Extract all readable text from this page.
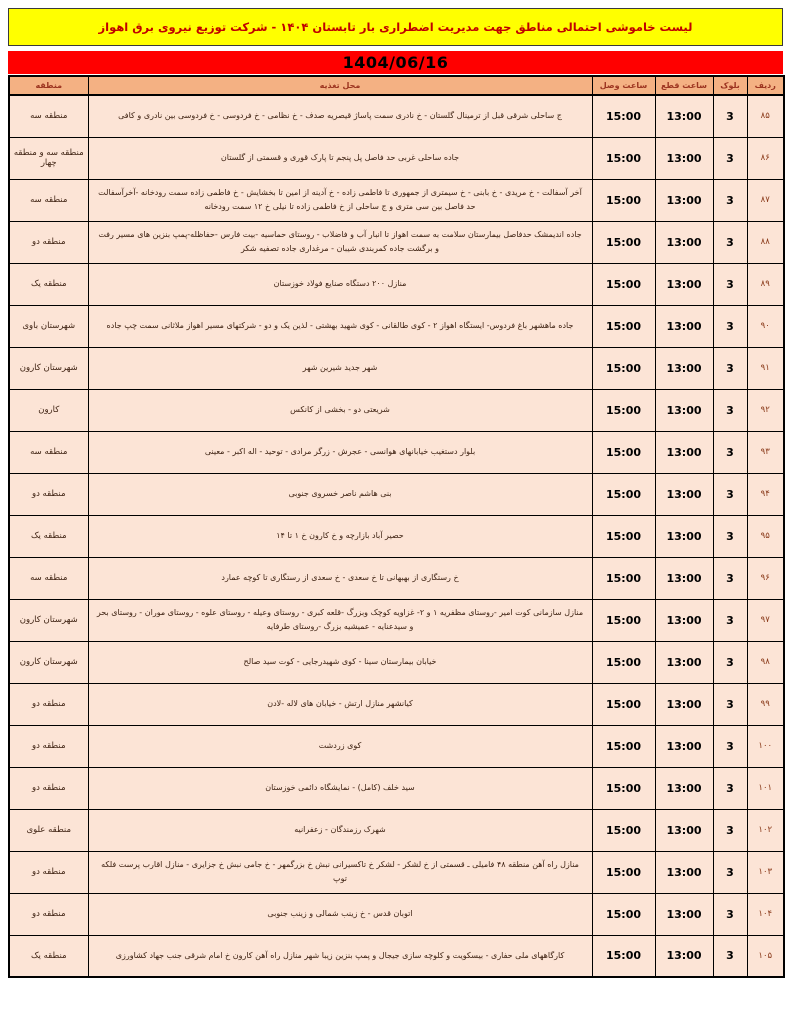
لیست خاموشی احتمالی مناطق جهت مدیریت اضطراری بار تابستان ۱۴۰۴ - شرکت توزیع نیروی برق اهواز
1404/06/16
ردیف	بلوک	ساعت قطع	ساعت وصل	محل تغذیه	منطقه
۸۵	3	13:00	15:00	ج ساحلی شرقی قبل از ترمینال گلستان - خ نادری سمت پاساژ قیصریه صدف - خ نظامی - خ فردوسی - خ فردوسی بین نادری و کافی	منطقه سه
۸۶	3	13:00	15:00	جاده ساحلی غربی حد فاصل پل پنجم تا پارک قوری و قسمتی از گلستان	منطقه سه و منطقه چهار
۸۷	3	13:00	15:00	آخر آسفالت - خ مریدی - خ بابنی - خ سیمتری از جمهوری تا فاطمی زاده - خ آدینه از امین تا بخشایش - خ فاطمی زاده سمت رودخانه -آخرآسفالت حد فاصل بین سی متری و ج ساحلی از خ فاطمی زاده تا نیلی خ ۱۲ سمت رودخانه	منطقه سه
۸۸	3	13:00	15:00	جاده اندیمشک حدفاصل بیمارستان سلامت به سمت اهواز تا انبار آب و فاضلاب - روستای حماسیه -بیت فارس -حفاظله-پمپ بنزین های مسیر رفت و برگشت جاده کمربندی شیبان - مرغداری جاده تصفیه شکر	منطقه دو
۸۹	3	13:00	15:00	منازل ۲۰۰ دستگاه صنایع فولاد خوزستان	منطقه یک
۹۰	3	13:00	15:00	جاده ماهشهر باغ فردوس- ایستگاه اهواز ۲ - کوی طالقانی - کوی شهید بهشتی - لذین یک و دو - شرکتهای مسیر اهواز ملاثانی سمت چپ جاده	شهرستان باوی
۹۱	3	13:00	15:00	شهر جدید شیرین شهر	شهرستان کارون
۹۲	3	13:00	15:00	شریعتی دو - بخشی از کانکس	کارون
۹۳	3	13:00	15:00	بلوار دستغیب خیابانهای هوانسی - عجرش - زرگر مرادی - توحید - اله اکبر - معینی	منطقه سه
۹۴	3	13:00	15:00	بنی هاشم ناصر خسروی جنوبی	منطقه دو
۹۵	3	13:00	15:00	حصیر آباد بازارچه و خ کارون خ ۱ تا ۱۴	منطقه یک
۹۶	3	13:00	15:00	خ رستگاری از بهبهانی تا خ سعدی - خ سعدی از رستگاری تا کوچه عمارد	منطقه سه
۹۷	3	13:00	15:00	منازل سازمانی کوت امیر -روستای مظفریه ۱ و ۲- غزاویه کوچک وبزرگ -قلعه کبری - روستای وعیله - روستای علوه - روستای موران - روستای بحر و سیدعنایه - عمیشیه بزرگ -روستای طرفایه	شهرستان کارون
۹۸	3	13:00	15:00	خیابان بیمارستان سینا - کوی شهیدرجایی - کوت سید صالح	شهرستان کارون
۹۹	3	13:00	15:00	کیانشهر منازل ارتش - خیابان های لاله -لادن	منطقه دو
۱۰۰	3	13:00	15:00	کوی زردشت	منطقه دو
۱۰۱	3	13:00	15:00	سید خلف (کامل) - نمایشگاه دائمی خوزستان	منطقه دو
۱۰۲	3	13:00	15:00	شهرک رزمندگان - زعفرانیه	منطقه علوی
۱۰۳	3	13:00	15:00	منازل راه آهن منطقه ۴۸ فامیلی ـ قسمتی از خ لشکر - لشکر خ تاکسیرانی نبش خ بزرگمهر - خ جامی نبش خ جزایری - منازل اقارب پرست فلکه توپ	منطقه دو
۱۰۴	3	13:00	15:00	اتوبان قدس - خ زینب شمالی و زینب جنوبی	منطقه دو
۱۰۵	3	13:00	15:00	کارگاههای ملی حفاری - بیسکویت و کلوچه سازی جیجال و پمپ بنزین زیبا شهر منازل راه آهن کارون خ امام شرقی جنب جهاد کشاورزی	منطقه یک
